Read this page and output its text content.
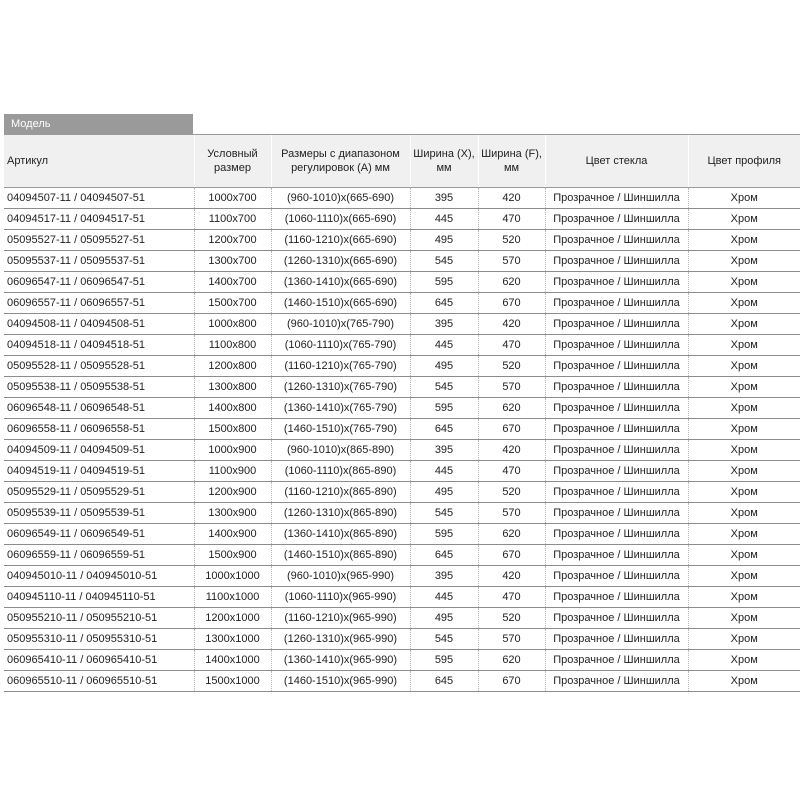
Модель
Артикул	Условный размер	Размеры с диапазоном регулировок (А) мм	Ширина (X), мм	Ширина (F), мм	Цвет стекла	Цвет профиля
04094507-11 / 04094507-51	1000x700	(960-1010)x(665-690)	395	420	Прозрачное / Шиншилла	Хром
04094517-11 / 04094517-51	1100x700	(1060-1110)x(665-690)	445	470	Прозрачное / Шиншилла	Хром
05095527-11 / 05095527-51	1200x700	(1160-1210)x(665-690)	495	520	Прозрачное / Шиншилла	Хром
05095537-11 / 05095537-51	1300x700	(1260-1310)x(665-690)	545	570	Прозрачное / Шиншилла	Хром
06096547-11 / 06096547-51	1400x700	(1360-1410)x(665-690)	595	620	Прозрачное / Шиншилла	Хром
06096557-11 / 06096557-51	1500x700	(1460-1510)x(665-690)	645	670	Прозрачное / Шиншилла	Хром
04094508-11 / 04094508-51	1000x800	(960-1010)x(765-790)	395	420	Прозрачное / Шиншилла	Хром
04094518-11 / 04094518-51	1100x800	(1060-1110)x(765-790)	445	470	Прозрачное / Шиншилла	Хром
05095528-11 / 05095528-51	1200x800	(1160-1210)x(765-790)	495	520	Прозрачное / Шиншилла	Хром
05095538-11 / 05095538-51	1300x800	(1260-1310)x(765-790)	545	570	Прозрачное / Шиншилла	Хром
06096548-11 / 06096548-51	1400x800	(1360-1410)x(765-790)	595	620	Прозрачное / Шиншилла	Хром
06096558-11 / 06096558-51	1500x800	(1460-1510)x(765-790)	645	670	Прозрачное / Шиншилла	Хром
04094509-11 / 04094509-51	1000x900	(960-1010)x(865-890)	395	420	Прозрачное / Шиншилла	Хром
04094519-11 / 04094519-51	1100x900	(1060-1110)x(865-890)	445	470	Прозрачное / Шиншилла	Хром
05095529-11 / 05095529-51	1200x900	(1160-1210)x(865-890)	495	520	Прозрачное / Шиншилла	Хром
05095539-11 / 05095539-51	1300x900	(1260-1310)x(865-890)	545	570	Прозрачное / Шиншилла	Хром
06096549-11 / 06096549-51	1400x900	(1360-1410)x(865-890)	595	620	Прозрачное / Шиншилла	Хром
06096559-11 / 06096559-51	1500x900	(1460-1510)x(865-890)	645	670	Прозрачное / Шиншилла	Хром
040945010-11 / 040945010-51	1000x1000	(960-1010)x(965-990)	395	420	Прозрачное / Шиншилла	Хром
040945110-11 / 040945110-51	1100x1000	(1060-1110)x(965-990)	445	470	Прозрачное / Шиншилла	Хром
050955210-11 / 050955210-51	1200x1000	(1160-1210)x(965-990)	495	520	Прозрачное / Шиншилла	Хром
050955310-11 / 050955310-51	1300x1000	(1260-1310)x(965-990)	545	570	Прозрачное / Шиншилла	Хром
060965410-11 / 060965410-51	1400x1000	(1360-1410)x(965-990)	595	620	Прозрачное / Шиншилла	Хром
060965510-11 / 060965510-51	1500x1000	(1460-1510)x(965-990)	645	670	Прозрачное / Шиншилла	Хром
